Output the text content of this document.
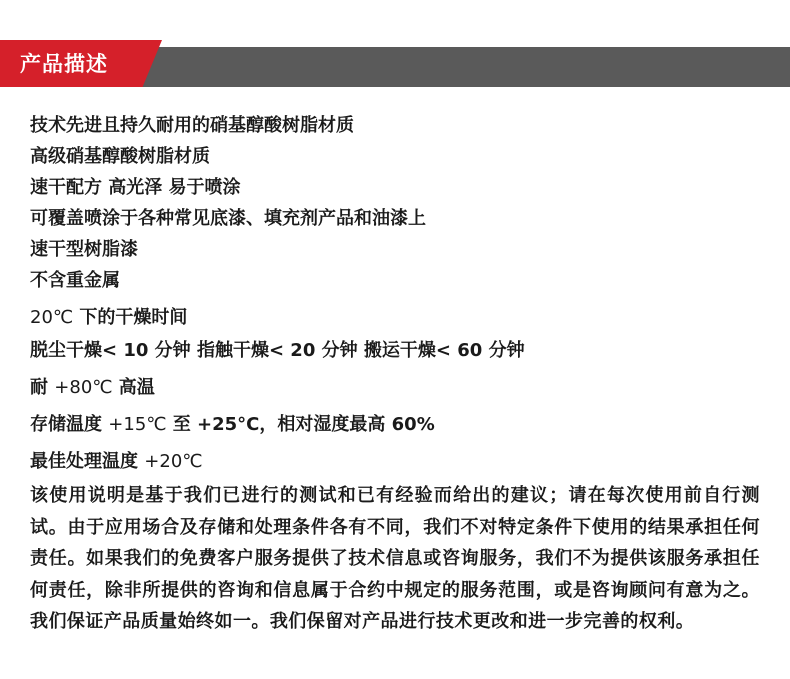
产品描述
技术先进且持久耐用的硝基醇酸树脂材质
高级硝基醇酸树脂材质
速干配方 高光泽 易于喷涂
可覆盖喷涂于各种常见底漆、填充剂产品和油漆上
速干型树脂漆
不含重金属
20℃ 下的干燥时间
脱尘干燥< 10 分钟 指触干燥< 20 分钟 搬运干燥< 60 分钟
耐 +80℃ 高温
存储温度 +15℃ 至 +25°C，相对湿度最高 60%
最佳处理温度 +20℃
该使用说明是基于我们已进行的测试和已有经验而给出的建议；请在每次使用前自行测试。由于应用场合及存储和处理条件各有不同，我们不对特定条件下使用的结果承担任何责任。如果我们的免费客户服务提供了技术信息或咨询服务，我们不为提供该服务承担任何责任，除非所提供的咨询和信息属于合约中规定的服务范围，或是咨询顾问有意为之。我们保证产品质量始终如一。我们保留对产品进行技术更改和进一步完善的权利。
